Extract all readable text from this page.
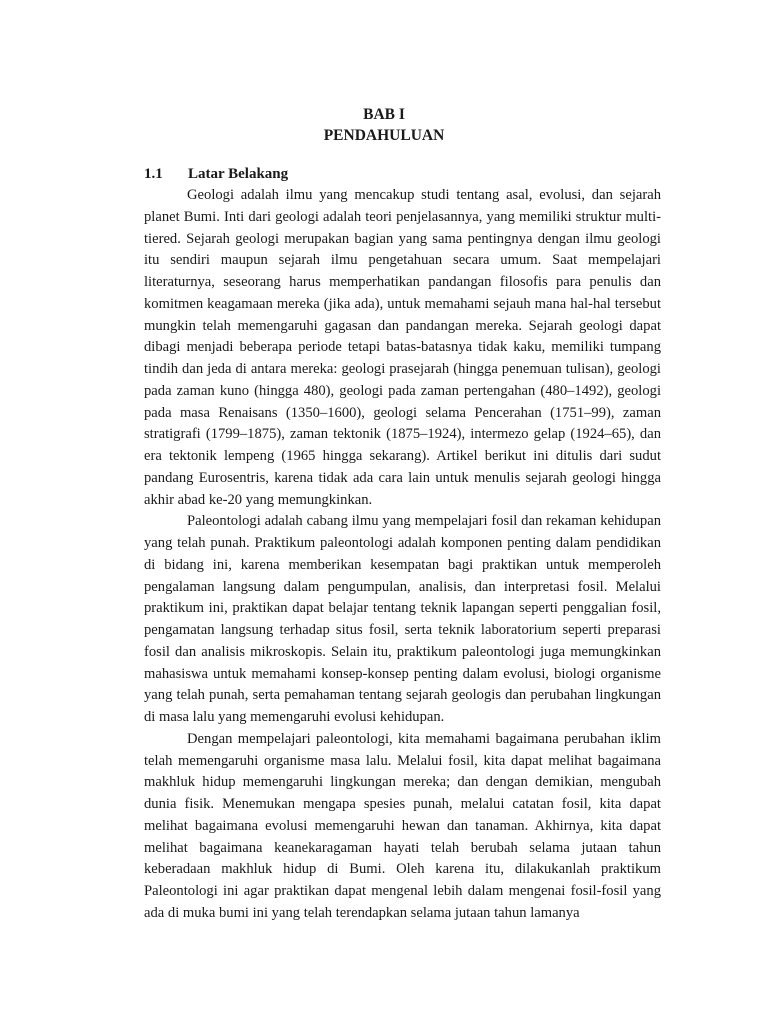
BAB I
PENDAHULUAN
1.1 Latar Belakang

Geologi adalah ilmu yang mencakup studi tentang asal, evolusi, dan sejarah planet Bumi. Inti dari geologi adalah teori penjelasannya, yang memiliki struktur multi-tiered. Sejarah geologi merupakan bagian yang sama pentingnya dengan ilmu geologi itu sendiri maupun sejarah ilmu pengetahuan secara umum. Saat mempelajari literaturnya, seseorang harus memperhatikan pandangan filosofis para penulis dan komitmen keagamaan mereka (jika ada), untuk memahami sejauh mana hal-hal tersebut mungkin telah memengaruhi gagasan dan pandangan mereka. Sejarah geologi dapat dibagi menjadi beberapa periode tetapi batas-batasnya tidak kaku, memiliki tumpang tindih dan jeda di antara mereka: geologi prasejarah (hingga penemuan tulisan), geologi pada zaman kuno (hingga 480), geologi pada zaman pertengahan (480–1492), geologi pada masa Renaisans (1350–1600), geologi selama Pencerahan (1751–99), zaman stratigrafi (1799–1875), zaman tektonik (1875–1924), intermezo gelap (1924–65), dan era tektonik lempeng (1965 hingga sekarang). Artikel berikut ini ditulis dari sudut pandang Eurosentris, karena tidak ada cara lain untuk menulis sejarah geologi hingga akhir abad ke-20 yang memungkinkan.

Paleontologi adalah cabang ilmu yang mempelajari fosil dan rekaman kehidupan yang telah punah. Praktikum paleontologi adalah komponen penting dalam pendidikan di bidang ini, karena memberikan kesempatan bagi praktikan untuk memperoleh pengalaman langsung dalam pengumpulan, analisis, dan interpretasi fosil. Melalui praktikum ini, praktikan dapat belajar tentang teknik lapangan seperti penggalian fosil, pengamatan langsung terhadap situs fosil, serta teknik laboratorium seperti preparasi fosil dan analisis mikroskopis. Selain itu, praktikum paleontologi juga memungkinkan mahasiswa untuk memahami konsep-konsep penting dalam evolusi, biologi organisme yang telah punah, serta pemahaman tentang sejarah geologis dan perubahan lingkungan di masa lalu yang memengaruhi evolusi kehidupan.

Dengan mempelajari paleontologi, kita memahami bagaimana perubahan iklim telah memengaruhi organisme masa lalu. Melalui fosil, kita dapat melihat bagaimana makhluk hidup memengaruhi lingkungan mereka; dan dengan demikian, mengubah dunia fisik. Menemukan mengapa spesies punah, melalui catatan fosil, kita dapat melihat bagaimana evolusi memengaruhi hewan dan tanaman. Akhirnya, kita dapat melihat bagaimana keanekaragaman hayati telah berubah selama jutaan tahun keberadaan makhluk hidup di Bumi. Oleh karena itu, dilakukanlah praktikum Paleontologi ini agar praktikan dapat mengenal lebih dalam mengenai fosil-fosil yang ada di muka bumi ini yang telah terendapkan selama jutaan tahun lamanya
